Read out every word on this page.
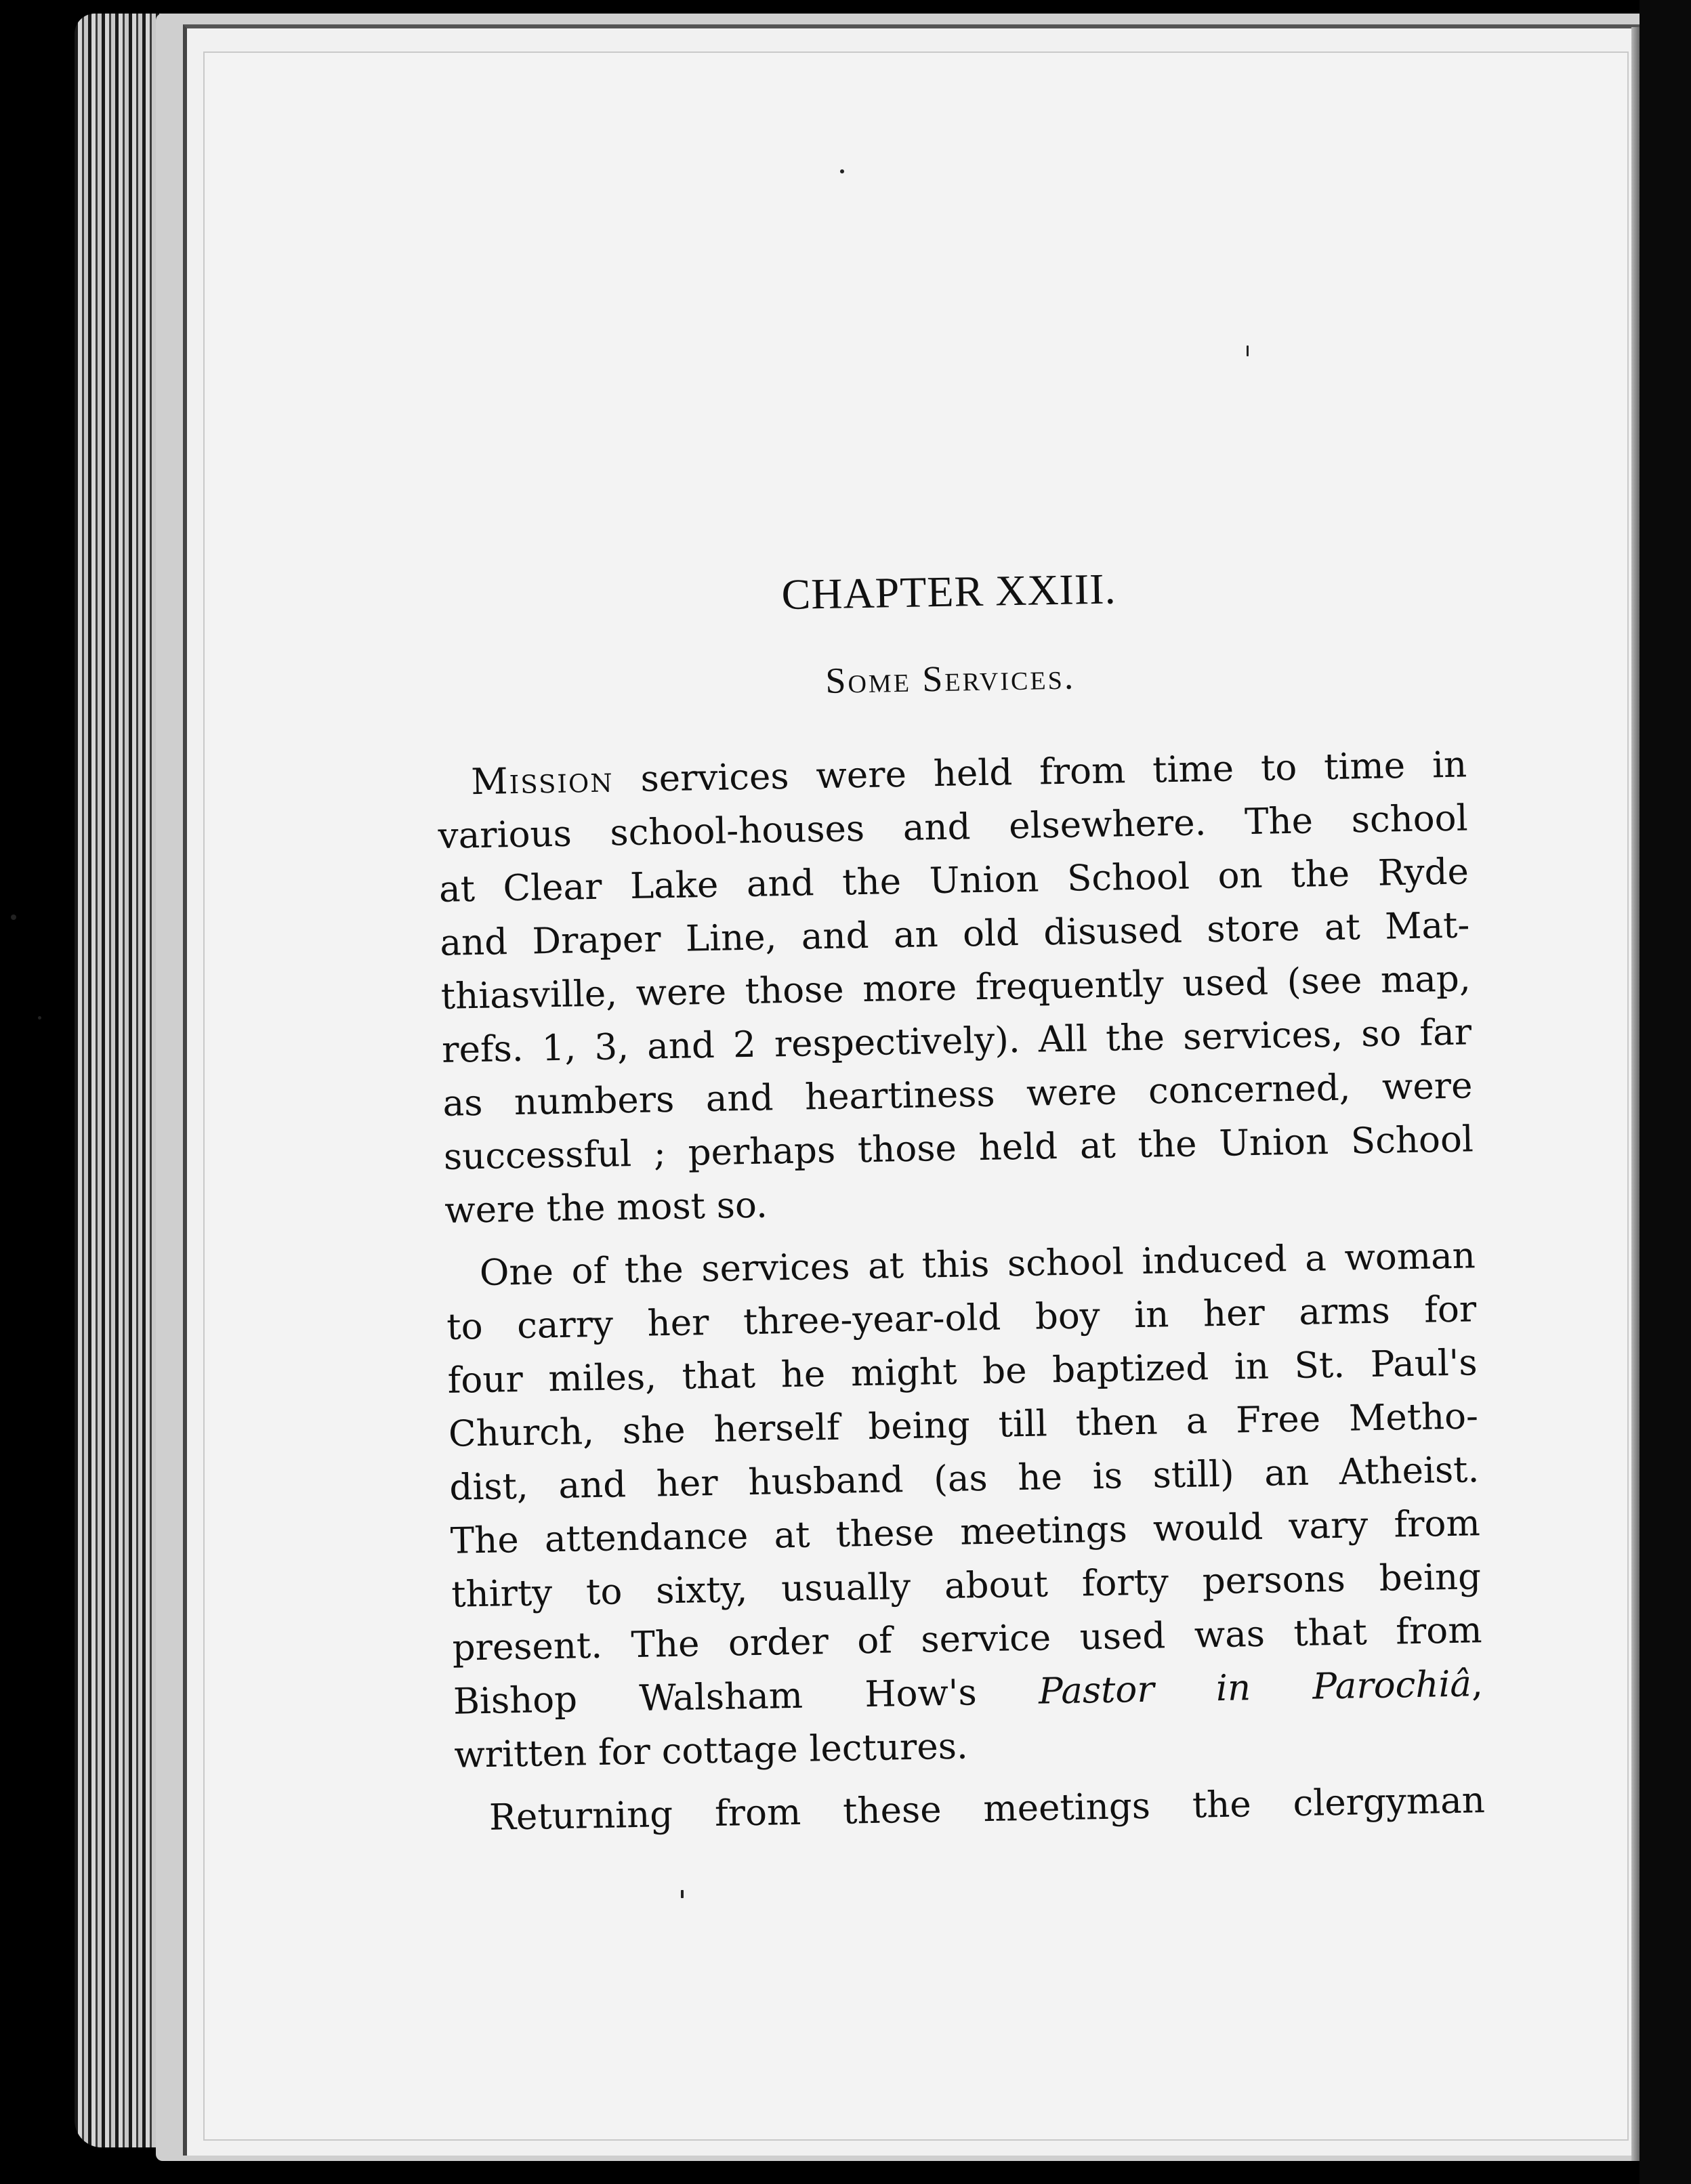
CHAPTER XXIII.
Some Services.
Mission services were held from time to time in
various school-houses and elsewhere. The school
at Clear Lake and the Union School on the Ryde
and Draper Line, and an old disused store at Mat-
thiasville, were those more frequently used (see map,
refs. 1, 3, and 2 respectively). All the services, so far
as numbers and heartiness were concerned, were
successful ; perhaps those held at the Union School
were the most so.
One of the services at this school induced a woman
to carry her three-year-old boy in her arms for
four miles, that he might be baptized in St. Paul's
Church, she herself being till then a Free Metho-
dist, and her husband (as he is still) an Atheist.
The attendance at these meetings would vary from
thirty to sixty, usually about forty persons being
present. The order of service used was that from
Bishop Walsham How's Pastor in Parochiâ,
written for cottage lectures.
Returning from these meetings the clergyman
